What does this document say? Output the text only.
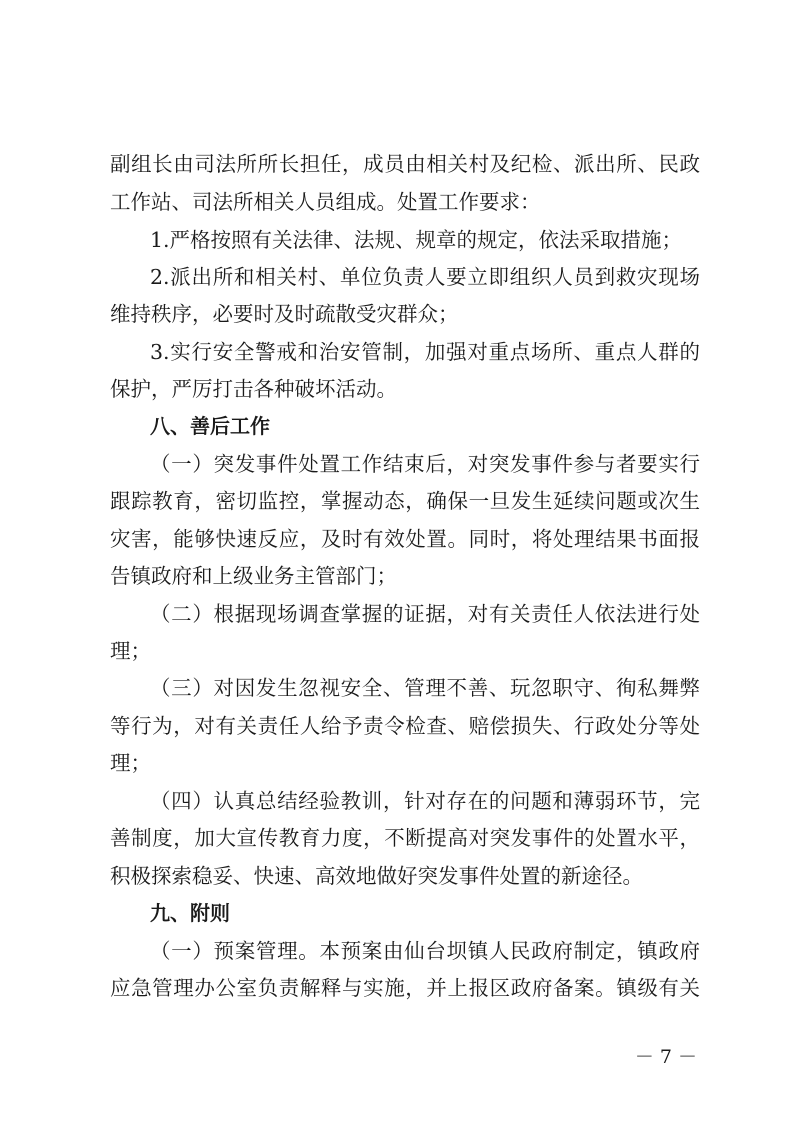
副组长由司法所所长担任，成员由相关村及纪检、派出所、民政
工作站、司法所相关人员组成。处置工作要求：
1.严格按照有关法律、法规、规章的规定，依法采取措施；
2.派出所和相关村、单位负责人要立即组织人员到救灾现场
维持秩序，必要时及时疏散受灾群众；
3.实行安全警戒和治安管制，加强对重点场所、重点人群的
保护，严厉打击各种破坏活动。
八、善后工作
（一）突发事件处置工作结束后，对突发事件参与者要实行
跟踪教育，密切监控，掌握动态，确保一旦发生延续问题或次生
灾害，能够快速反应，及时有效处置。同时，将处理结果书面报
告镇政府和上级业务主管部门；
（二）根据现场调查掌握的证据，对有关责任人依法进行处
理；
（三）对因发生忽视安全、管理不善、玩忽职守、徇私舞弊
等行为，对有关责任人给予责令检查、赔偿损失、行政处分等处
理；
（四）认真总结经验教训，针对存在的问题和薄弱环节，完
善制度，加大宣传教育力度，不断提高对突发事件的处置水平，
积极探索稳妥、快速、高效地做好突发事件处置的新途径。
九、附则
（一）预案管理。本预案由仙台坝镇人民政府制定，镇政府
应急管理办公室负责解释与实施，并上报区政府备案。镇级有关
－ 7 －
